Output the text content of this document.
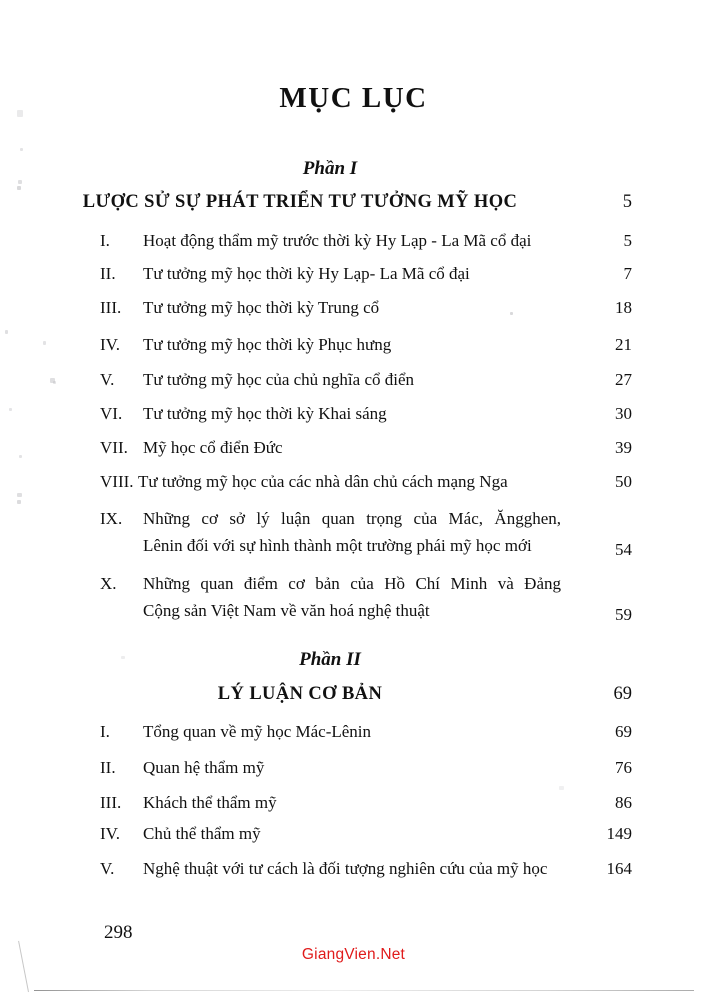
MỤC LỤC
Phần I
LƯỢC SỬ SỰ PHÁT TRIỂN TƯ TƯỞNG MỸ HỌC	5
I.	Hoạt động thẩm mỹ trước thời kỳ Hy Lạp - La Mã cổ đại	5
II.	Tư tưởng mỹ học thời kỳ Hy Lạp- La Mã cổ đại	7
III.	Tư tưởng mỹ học thời kỳ Trung cổ	18
IV.	Tư tưởng mỹ học thời kỳ Phục hưng	21
V.	Tư tưởng mỹ học của chủ nghĩa cổ điển	27
VI.	Tư tưởng mỹ học thời kỳ Khai sáng	30
VII. Mỹ học cổ điển Đức	39
VIII. Tư tưởng mỹ học của các nhà dân chủ cách mạng Nga	50
IX.	Những cơ sở lý luận quan trọng của Mác, Ăngghen,
Lênin đối với sự hình thành một trường phái mỹ học mới	54
X.	Những quan điểm cơ bản của Hồ Chí Minh và Đảng
Cộng sản Việt Nam về văn hoá nghệ thuật	59
Phần II
LÝ LUẬN CƠ BẢN	69
I.	Tổng quan về mỹ học Mác-Lênin	69
II.	Quan hệ thẩm mỹ	76
III.	Khách thể thẩm mỹ	86
IV.	Chủ thể thẩm mỹ	149
V.	Nghệ thuật với tư cách là đối tượng nghiên cứu của mỹ học	164
298
GiangVien.Net
